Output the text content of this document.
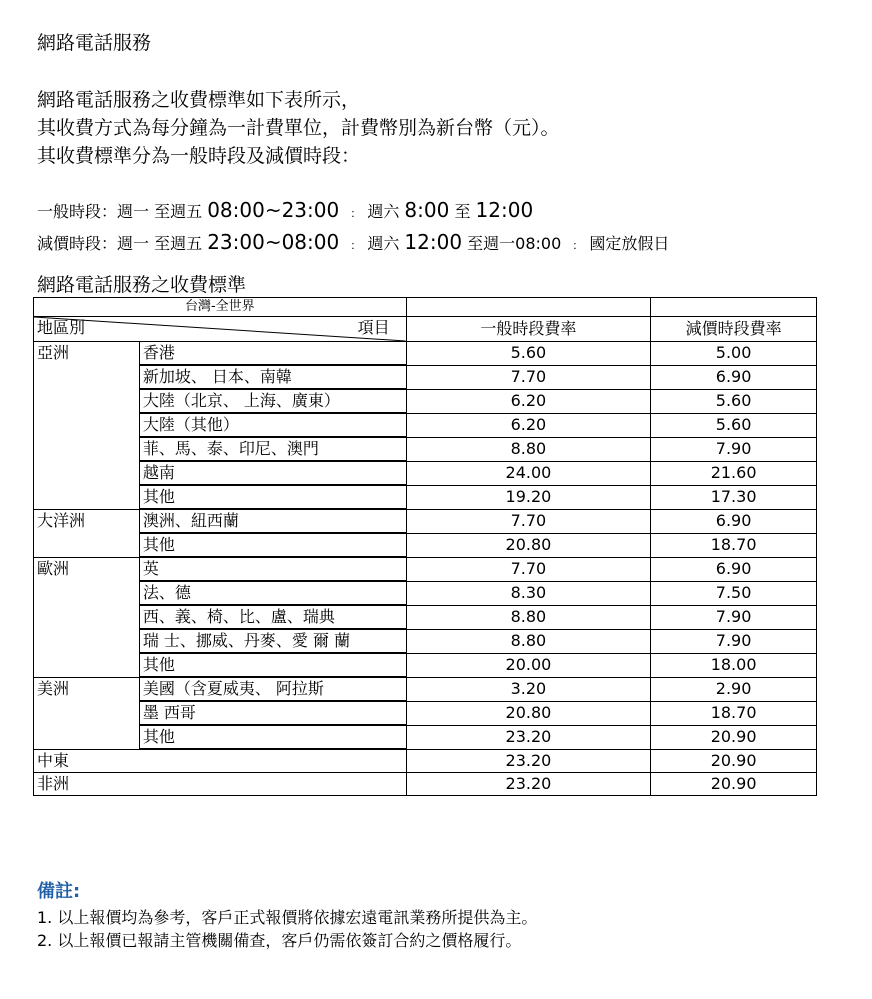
網路電話服務
網路電話服務之收費標準如下表所示，
其收費方式為每分鐘為一計費單位，計費幣別為新台幣（元）。
其收費標準分為一般時段及減價時段：
一般時段：週一 至週五 08:00~23:00 ： 週六 8:00 至 12:00
減價時段：週一 至週五 23:00~08:00 ： 週六 12:00 至週一08:00 ： 國定放假日
網路電話服務之收費標準
台灣-全世界			

地區別 項目		一般時段費率	減價時段費率
亞洲	香港	5.60	5.00
	新加坡、 日本、南韓	7.70	6.90
	大陸（北京、 上海、廣東）	6.20	5.60
	大陸（其他）	6.20	5.60
	菲、馬、泰、印尼、澳門	8.80	7.90
	越南	24.00	21.60
	其他	19.20	17.30
大洋洲	澳洲、紐西蘭	7.70	6.90
	其他	20.80	18.70
歐洲	英	7.70	6.90
	法、德	8.30	7.50
	西、義、椅、比、盧、瑞典	8.80	7.90
	瑞 士、挪威、丹麥、愛 爾 蘭	8.80	7.90
	其他	20.00	18.00
美洲	美國（含夏威夷、 阿拉斯	3.20	2.90
	墨 西哥	20.80	18.70
	其他	23.20	20.90
中東		23.20	20.90
非洲		23.20	20.90
備註:
1. 以上報價均為參考，客戶正式報價將依據宏遠電訊業務所提供為主。
2. 以上報價已報請主管機關備查，客戶仍需依簽訂合約之價格履行。
